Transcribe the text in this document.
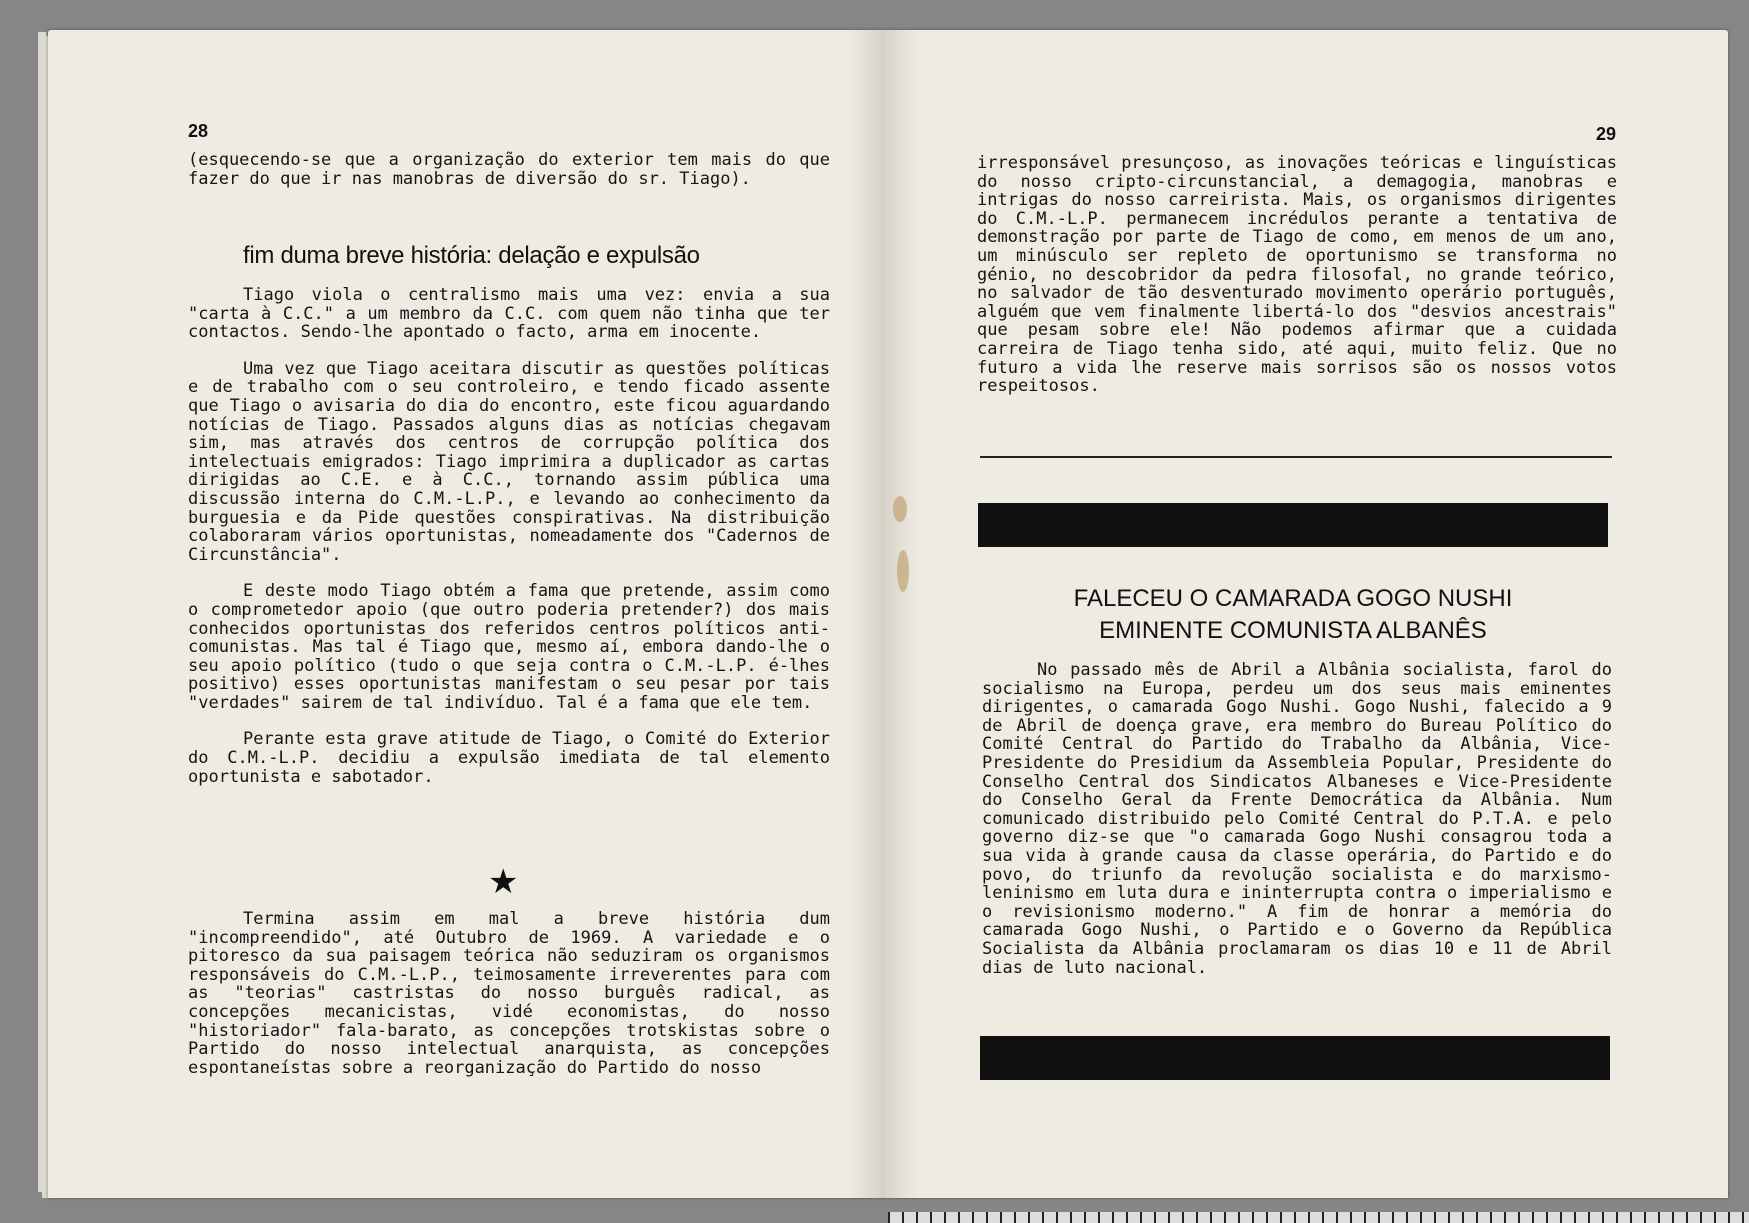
28

(esquecendo-se que a organização do exterior tem mais do que fazer do que ir nas manobras de diversão do sr. Tiago).

fim duma breve história: delação e expulsão

Tiago viola o centralismo mais uma vez: envia a sua "carta à C.C." a um membro da C.C. com quem não tinha que ter contactos. Sendo-lhe apontado o facto, arma em inocente.

Uma vez que Tiago aceitara discutir as questões políticas e de trabalho com o seu controleiro, e tendo ficado assente que Tiago o avisaria do dia do encontro, este ficou aguardando notícias de Tiago. Passados alguns dias as notícias chegavam sim, mas através dos centros de corrupção política dos intelectuais emigrados: Tiago imprimira a duplicador as cartas dirigidas ao C.E. e à C.C., tornando assim pública uma discussão interna do C.M.-L.P., e levando ao conhecimento da burguesia e da Pide questões conspirativas. Na distribuição colaboraram vários oportunistas, nomeadamente dos "Cadernos de Circunstância".

E deste modo Tiago obtém a fama que pretende, assim como o comprometedor apoio (que outro poderia pretender?) dos mais conhecidos oportunistas dos referidos centros políticos anti-comunistas. Mas tal é Tiago que, mesmo aí, embora dando-lhe o seu apoio político (tudo o que seja contra o C.M.-L.P. é-lhes positivo) esses oportunistas manifestam o seu pesar por tais "verdades" sairem de tal indivíduo. Tal é a fama que ele tem.

Perante esta grave atitude de Tiago, o Comité do Exterior do C.M.-L.P. decidiu a expulsão imediata de tal elemento oportunista e sabotador.

★

Termina assim em mal a breve história dum "incompreendido", até Outubro de 1969. A variedade e o pitoresco da sua paisagem teórica não seduziram os organismos responsáveis do C.M.-L.P., teimosamente irreverentes para com as "teorias" castristas do nosso burguês radical, as concepções mecanicistas, vidé economistas, do nosso "historiador" fala-barato, as concepções trotskistas sobre o Partido do nosso intelectual anarquista, as concepções espontaneístas sobre a reorganização do Partido do nosso

29

irresponsável presunçoso, as inovações teóricas e linguísticas do nosso cripto-circunstancial, a demagogia, manobras e intrigas do nosso carreirista. Mais, os organismos dirigentes do C.M.-L.P. permanecem incrédulos perante a tentativa de demonstração por parte de Tiago de como, em menos de um ano, um minúsculo ser repleto de oportunismo se transforma no génio, no descobridor da pedra filosofal, no grande teórico, no salvador de tão desventurado movimento operário português, alguém que vem finalmente libertá-lo dos "desvios ancestrais" que pesam sobre ele! Não podemos afirmar que a cuidada carreira de Tiago tenha sido, até aqui, muito feliz. Que no futuro a vida lhe reserve mais sorrisos são os nossos votos respeitosos.

FALECEU O CAMARADA GOGO NUSHI
EMINENTE COMUNISTA ALBANÊS

No passado mês de Abril a Albânia socialista, farol do socialismo na Europa, perdeu um dos seus mais eminentes dirigentes, o camarada Gogo Nushi. Gogo Nushi, falecido a 9 de Abril de doença grave, era membro do Bureau Político do Comité Central do Partido do Trabalho da Albânia, Vice-Presidente do Presidium da Assembleia Popular, Presidente do Conselho Central dos Sindicatos Albaneses e Vice-Presidente do Conselho Geral da Frente Democrática da Albânia. Num comunicado distribuido pelo Comité Central do P.T.A. e pelo governo diz-se que "o camarada Gogo Nushi consagrou toda a sua vida à grande causa da classe operária, do Partido e do povo, do triunfo da revolução socialista e do marxismo-leninismo em luta dura e ininterrupta contra o imperialismo e o revisionismo moderno." A fim de honrar a memória do camarada Gogo Nushi, o Partido e o Governo da República Socialista da Albânia proclamaram os dias 10 e 11 de Abril dias de luto nacional.
